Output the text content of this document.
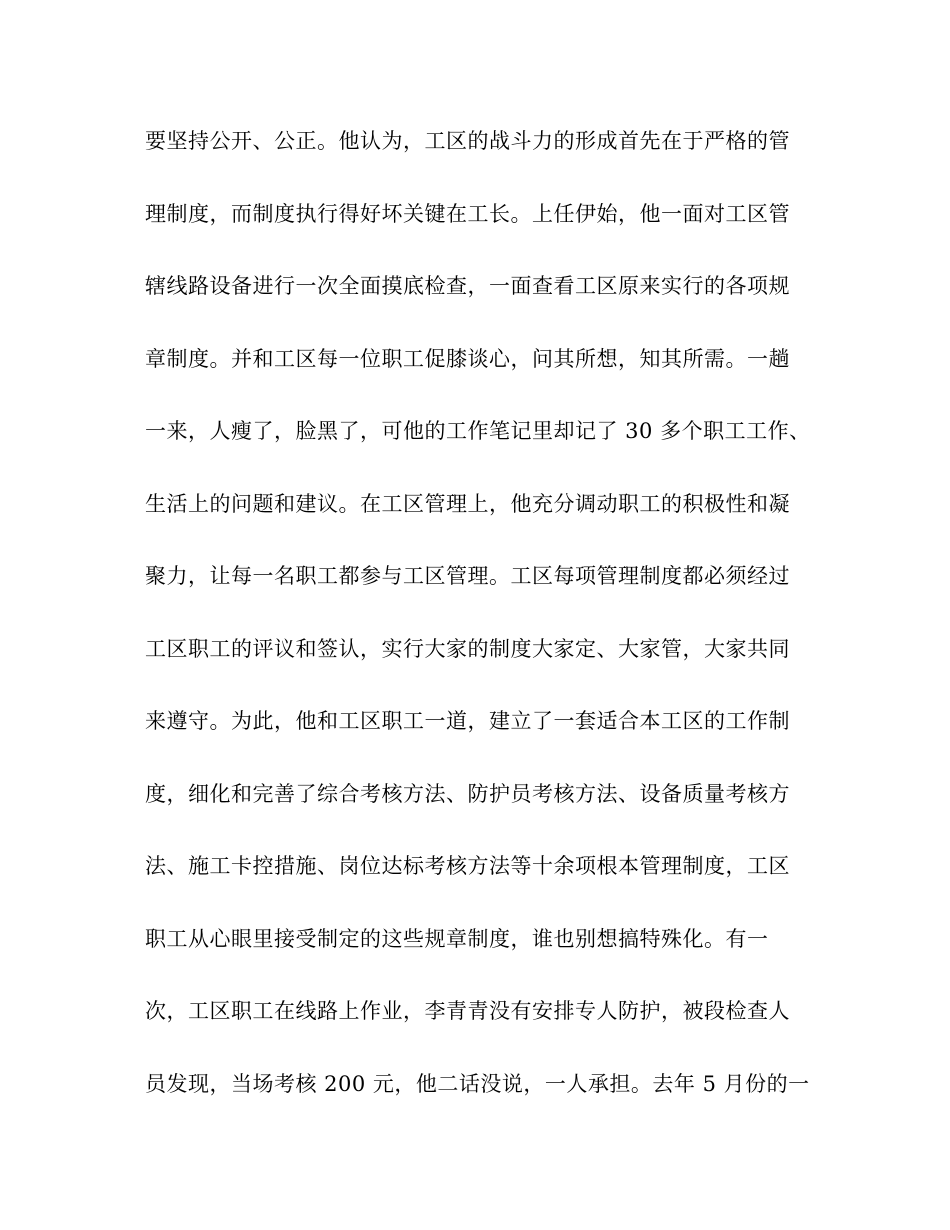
要坚持公开、公正。他认为，工区的战斗力的形成首先在于严格的管
理制度，而制度执行得好坏关键在工长。上任伊始，他一面对工区管
辖线路设备进行一次全面摸底检查，一面查看工区原来实行的各项规
章制度。并和工区每一位职工促膝谈心，问其所想，知其所需。一趟
一来，人瘦了，脸黑了，可他的工作笔记里却记了 30 多个职工工作、
生活上的问题和建议。在工区管理上，他充分调动职工的积极性和凝
聚力，让每一名职工都参与工区管理。工区每项管理制度都必须经过
工区职工的评议和签认，实行大家的制度大家定、大家管，大家共同
来遵守。为此，他和工区职工一道，建立了一套适合本工区的工作制
度，细化和完善了综合考核方法、防护员考核方法、设备质量考核方
法、施工卡控措施、岗位达标考核方法等十余项根本管理制度，工区
职工从心眼里接受制定的这些规章制度，谁也别想搞特殊化。有一
次，工区职工在线路上作业，李青青没有安排专人防护，被段检查人
员发现，当场考核 200 元，他二话没说，一人承担。去年 5 月份的一
